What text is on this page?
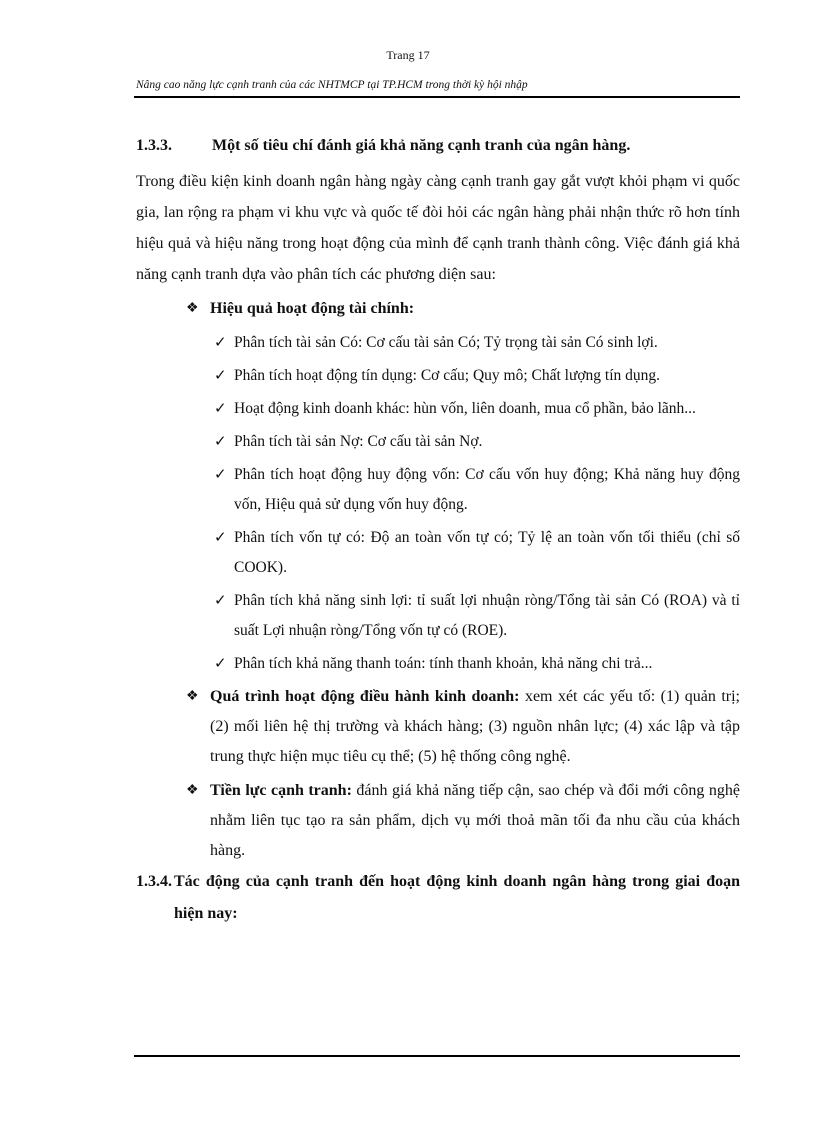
Trang 17
Nâng cao năng lực cạnh tranh của các NHTMCP tại TP.HCM trong thời kỳ hội nhập

1.3.3.	Một số tiêu chí đánh giá khả năng cạnh tranh của ngân hàng.

Trong điều kiện kinh doanh ngân hàng ngày càng cạnh tranh gay gắt vượt khỏi phạm vi quốc gia, lan rộng ra phạm vi khu vực và quốc tế đòi hỏi các ngân hàng phải nhận thức rõ hơn tính hiệu quả và hiệu năng trong hoạt động của mình để cạnh tranh thành công. Việc đánh giá khả năng cạnh tranh dựa vào phân tích các phương diện sau:

❖ Hiệu quả hoạt động tài chính:

✓ Phân tích tài sản Có: Cơ cấu tài sản Có; Tỷ trọng tài sản Có sinh lợi.
✓ Phân tích hoạt động tín dụng: Cơ cấu; Quy mô; Chất lượng tín dụng.
✓ Hoạt động kinh doanh khác: hùn vốn, liên doanh, mua cổ phần, bảo lãnh...
✓ Phân tích tài sản Nợ: Cơ cấu tài sản Nợ.
✓ Phân tích hoạt động huy động vốn: Cơ cấu vốn huy động; Khả năng huy động vốn, Hiệu quả sử dụng vốn huy động.
✓ Phân tích vốn tự có: Độ an toàn vốn tự có; Tỷ lệ an toàn vốn tối thiểu (chỉ số COOK).
✓ Phân tích khả năng sinh lợi: tỉ suất lợi nhuận ròng/Tổng tài sản Có (ROA) và tỉ suất Lợi nhuận ròng/Tổng vốn tự có (ROE).
✓ Phân tích khả năng thanh toán: tính thanh khoản, khả năng chi trả...

❖ Quá trình hoạt động điều hành kinh doanh: xem xét các yếu tố: (1) quản trị; (2) mối liên hệ thị trường và khách hàng; (3) nguồn nhân lực; (4) xác lập và tập trung thực hiện mục tiêu cụ thể; (5) hệ thống công nghệ.

❖ Tiền lực cạnh tranh: đánh giá khả năng tiếp cận, sao chép và đổi mới công nghệ nhằm liên tục tạo ra sản phẩm, dịch vụ mới thoả mãn tối đa nhu cầu của khách hàng.

1.3.4. Tác động của cạnh tranh đến hoạt động kinh doanh ngân hàng trong giai đoạn hiện nay:
